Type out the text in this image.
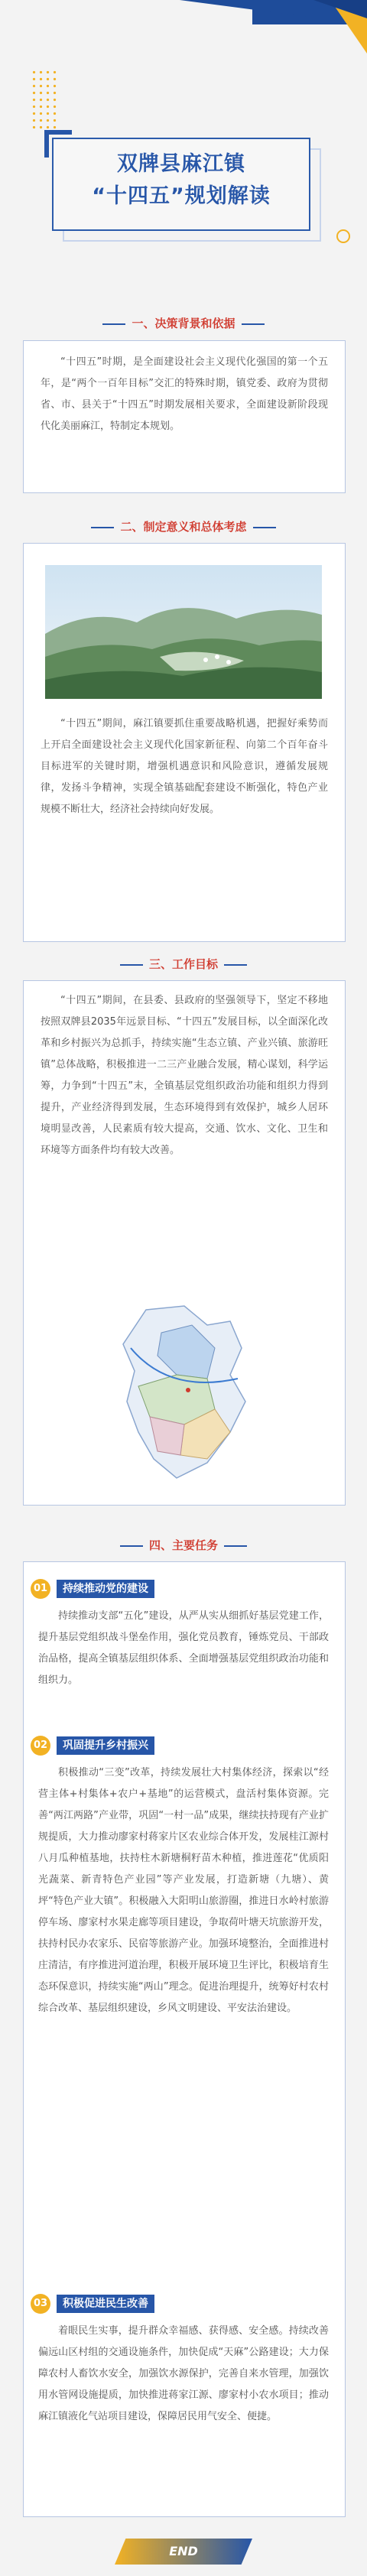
双牌县麻江镇
“十四五”规划解读
一、决策背景和依据

“十四五”时期，是全面建设社会主义现代化强国的第一个五年，是“两个一百年目标”交汇的特殊时期，镇党委、政府为贯彻省、市、县关于“十四五”时期发展相关要求，全面建设新阶段现代化美丽麻江，特制定本规划。

二、制定意义和总体考虑

“十四五”期间，麻江镇要抓住重要战略机遇，把握好乘势而上开启全面建设社会主义现代化国家新征程、向第二个百年奋斗目标进军的关键时期，增强机遇意识和风险意识，遵循发展规律，发扬斗争精神，实现全镇基础配套建设不断强化，特色产业规模不断壮大，经济社会持续向好发展。

三、工作目标

“十四五”期间，在县委、县政府的坚强领导下，坚定不移地按照双牌县2035年远景目标、“十四五”发展目标，以全面深化改革和乡村振兴为总抓手，持续实施“生态立镇、产业兴镇、旅游旺镇”总体战略，积极推进一二三产业融合发展，精心谋划，科学运筹，力争到“十四五”末，全镇基层党组织政治功能和组织力得到提升，产业经济得到发展，生态环境得到有效保护，城乡人居环境明显改善，人民素质有较大提高，交通、饮水、文化、卫生和环境等方面条件均有较大改善。

四、主要任务
01	持续推动党的建设

持续推动支部“五化”建设，从严从实从细抓好基层党建工作，提升基层党组织战斗堡垒作用，强化党员教育，锤炼党员、干部政治品格，提高全镇基层组织体系、全面增强基层党组织政治功能和组织力。

02	巩固提升乡村振兴

积极推动“三变”改革，持续发展壮大村集体经济，探索以“经营主体+村集体+农户+基地”的运营模式，盘活村集体资源。完善“两江两路”产业带，巩固“一村一品”成果，继续扶持现有产业扩规提质，大力推动廖家村蒋家片区农业综合体开发，发展桂江源村八月瓜种植基地，扶持柱木新塘桐籽苗木种植，推进莲花“优质阳光蔬菜、新青特色产业园”等产业发展，打造新塘（九塘）、黄坪“特色产业大镇”。积极融入大阳明山旅游圈，推进日水岭村旅游停车场、廖家村水果走廊等项目建设，争取荷叶塘天坑旅游开发，扶持村民办农家乐、民宿等旅游产业。加强环境整治，全面推进村庄清洁，有序推进河道治理，积极开展环境卫生评比，积极培育生态环保意识，持续实施“两山”理念。促进治理提升，统筹好村农村综合改革、基层组织建设，乡风文明建设、平安法治建设。

03	积极促进民生改善

着眼民生实事，提升群众幸福感、获得感、安全感。持续改善偏远山区村组的交通设施条件，加快促成“天麻”公路建设；大力保障农村人畜饮水安全，加强饮水源保护，完善自来水管理，加强饮用水管网设施提质，加快推进蒋家江源、廖家村小农水项目；推动麻江镇液化气站项目建设，保障居民用气安全、便捷。

END
